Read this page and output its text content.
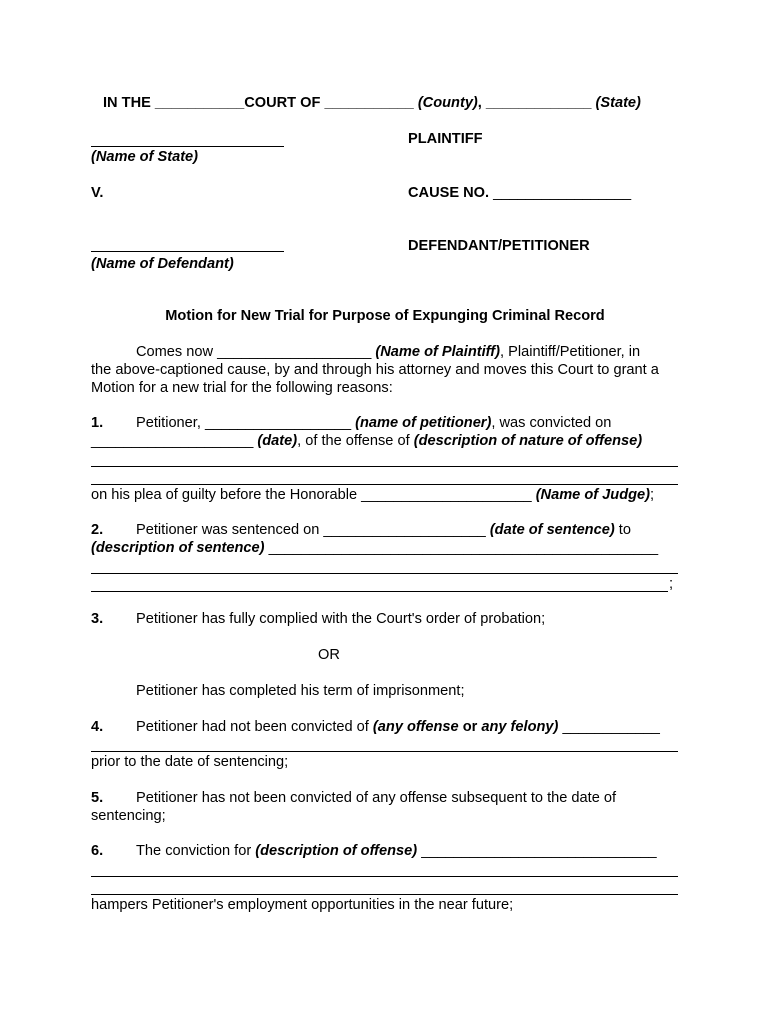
IN THE ___________COURT OF ___________ (County), _____________ (State)
(Name of State)
PLAINTIFF
V.	CAUSE NO. _________________
(Name of Defendant)
DEFENDANT/PETITIONER
Motion for New Trial for Purpose of Expunging Criminal Record
Comes now ___________________ (Name of Plaintiff), Plaintiff/Petitioner, in
the above-captioned cause, by and through his attorney and moves this Court to grant a
Motion for a new trial for the following reasons:
1. Petitioner, __________________ (name of petitioner), was convicted on
____________________ (date), of the offense of (description of nature of offense)
on his plea of guilty before the Honorable _____________________ (Name of Judge);
2. Petitioner was sentenced on ____________________ (date of sentence) to
(description of sentence) ________________________________________________
;
3. Petitioner has fully complied with the Court's order of probation;
OR
Petitioner has completed his term of imprisonment;
4. Petitioner had not been convicted of (any offense or any felony) ____________
prior to the date of sentencing;
5. Petitioner has not been convicted of any offense subsequent to the date of
sentencing;
6. The conviction for (description of offense) _____________________________
hampers Petitioner's employment opportunities in the near future;
